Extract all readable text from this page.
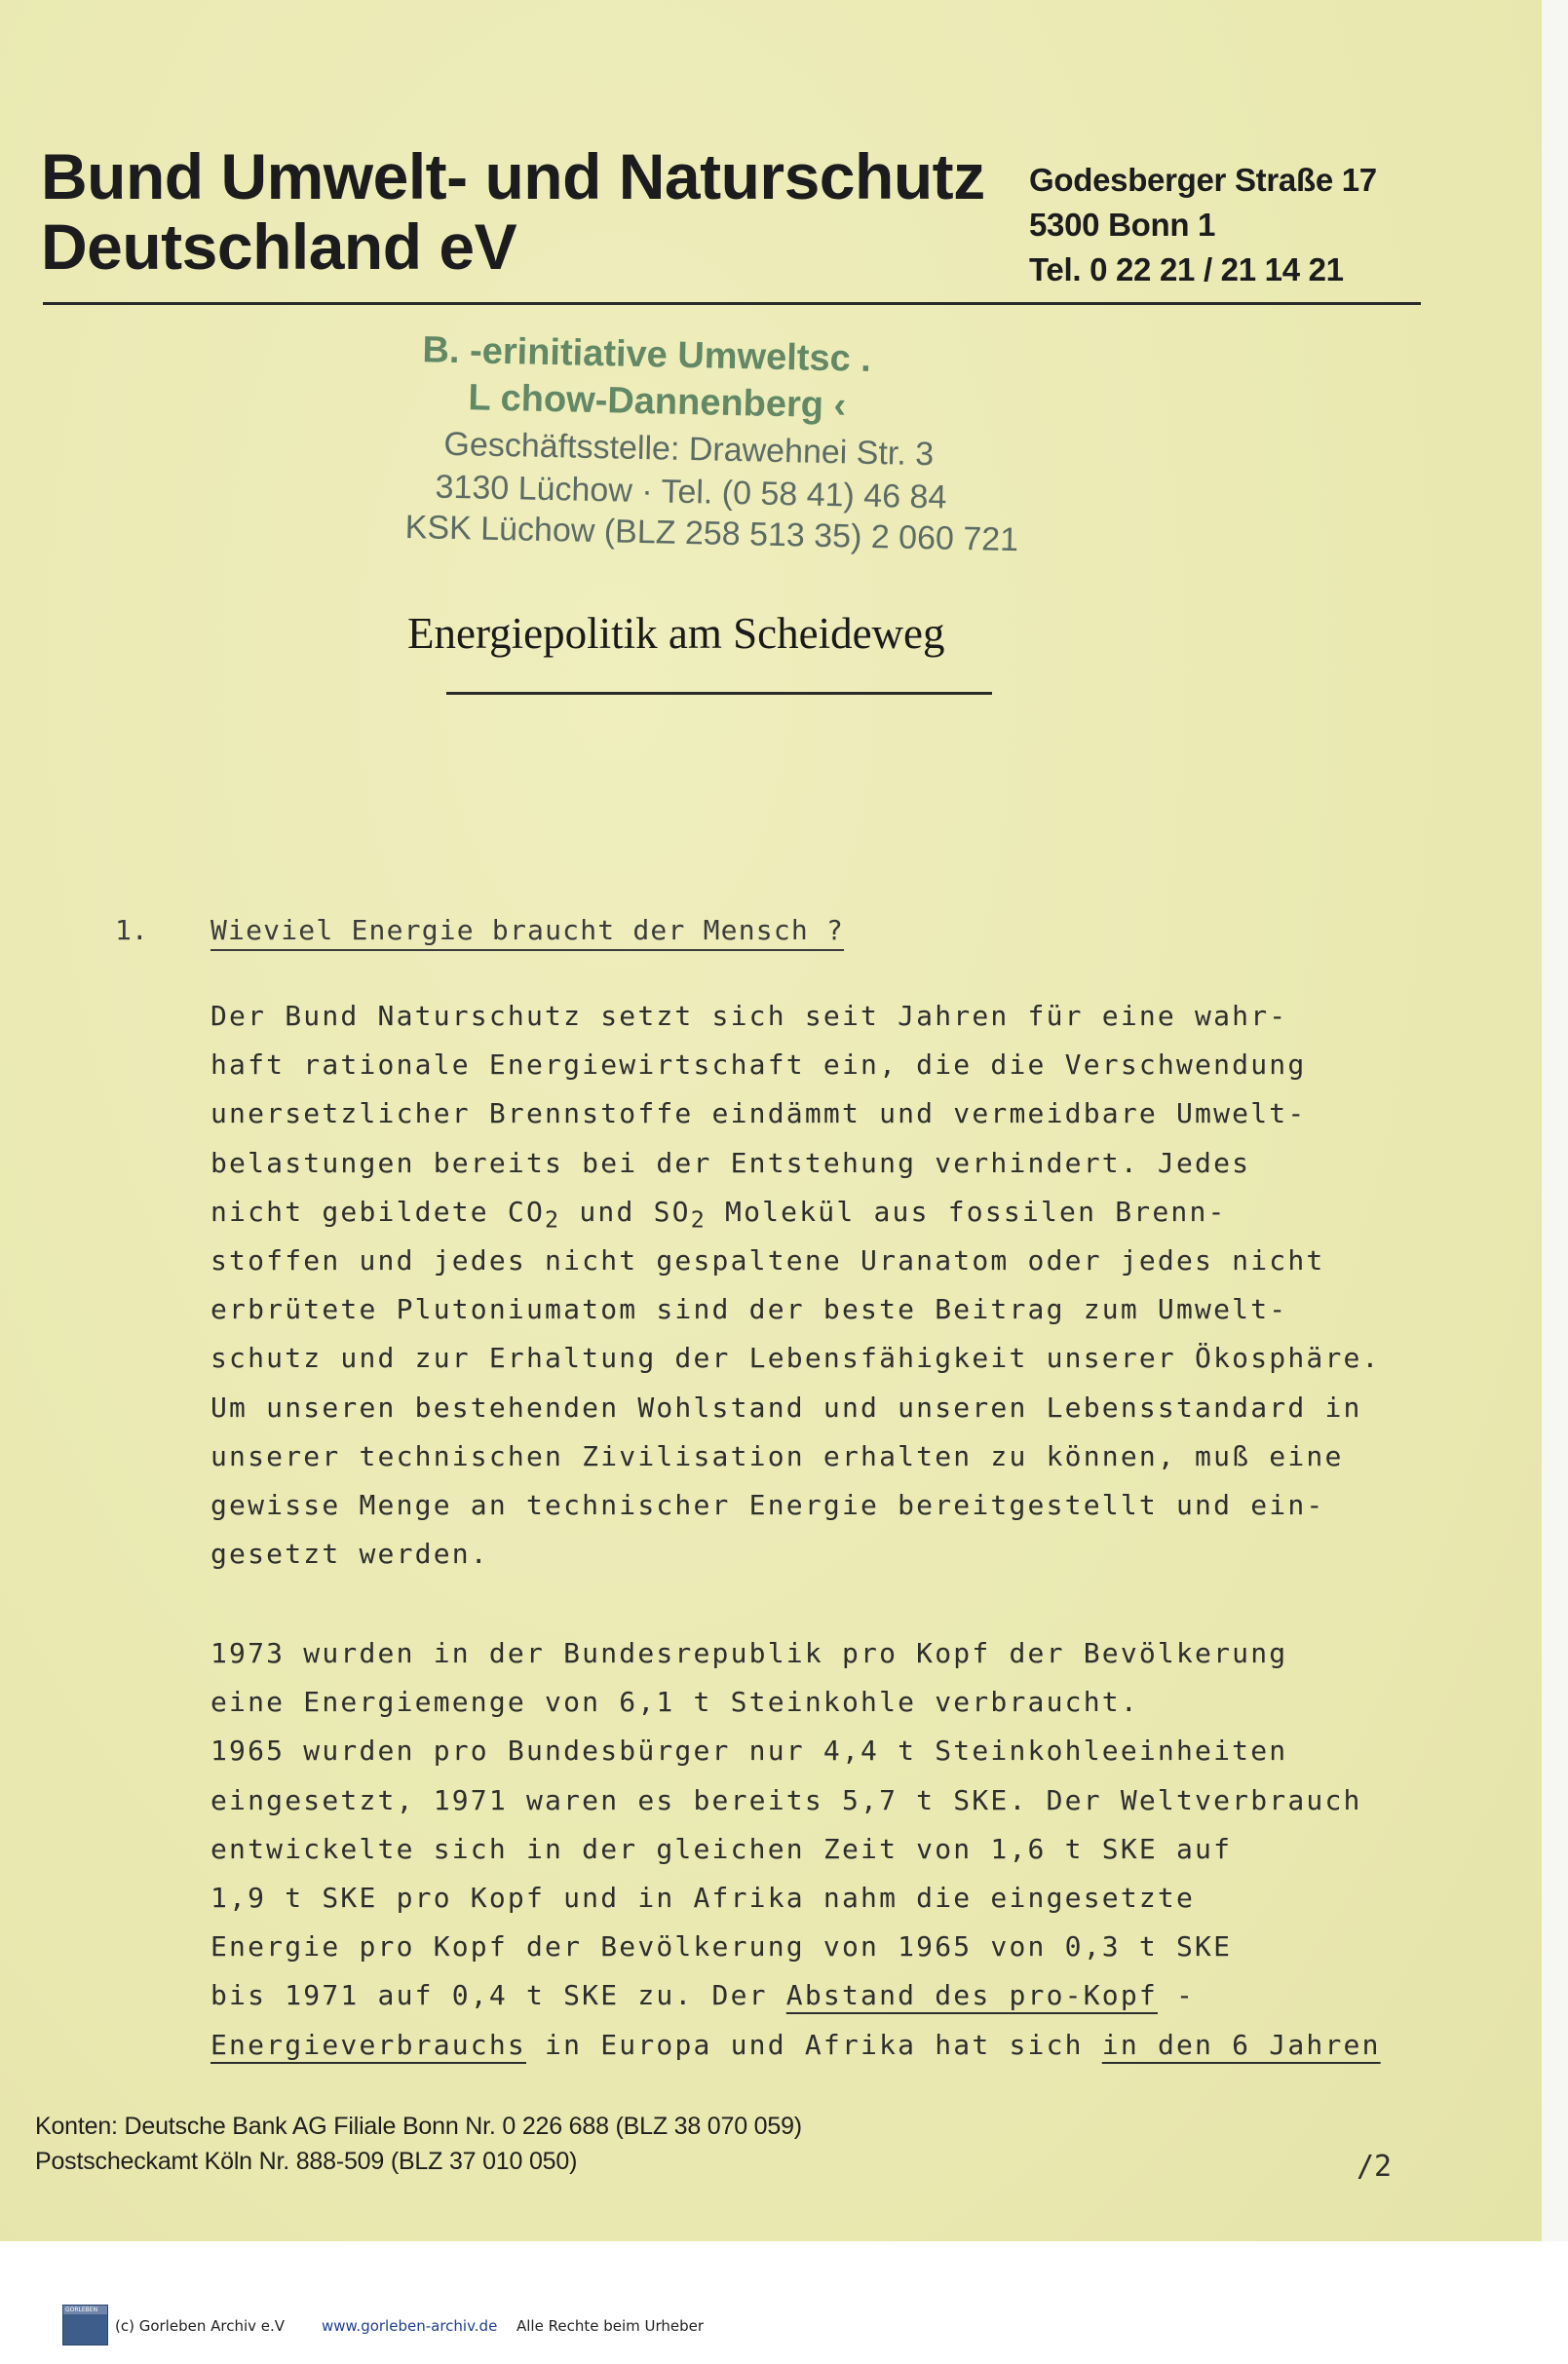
Bund Umwelt- und Naturschutz
Deutschland eV
Godesberger Straße 17
5300 Bonn 1
Tel. 0 22 21 / 21 14 21
B. ‑erinitiative Umweltsc .
L chow‑Dannenberg ‹
Geschäftsstelle: Drawehnei Str. 3
3130 Lüchow · Tel. (0 58 41) 46 84
KSK Lüchow (BLZ 258 513 35) 2 060 721
Energiepolitik am Scheideweg
1. Wieviel Energie braucht der Mensch ?
Der Bund Naturschutz setzt sich seit Jahren für eine wahr-
haft rationale Energiewirtschaft ein, die die Verschwendung
unersetzlicher Brennstoffe eindämmt und vermeidbare Umwelt-
belastungen bereits bei der Entstehung verhindert. Jedes
nicht gebildete $CO_2$ und $SO_2$ Molekül aus fossilen Brenn-
stoffen und jedes nicht gespaltene Uranatom oder jedes nicht
erbrütete Plutoniumatom sind der beste Beitrag zum Umwelt-
schutz und zur Erhaltung der Lebensfähigkeit unserer Ökosphäre.
Um unseren bestehenden Wohlstand und unseren Lebensstandard in
unserer technischen Zivilisation erhalten zu können, muß eine
gewisse Menge an technischer Energie bereitgestellt und ein-
gesetzt werden.
1973 wurden in der Bundesrepublik pro Kopf der Bevölkerung
eine Energiemenge von 6,1 t Steinkohle verbraucht.
1965 wurden pro Bundesbürger nur 4,4 t Steinkohleeinheiten
eingesetzt, 1971 waren es bereits 5,7 t SKE. Der Weltverbrauch
entwickelte sich in der gleichen Zeit von 1,6 t SKE auf
1,9 t SKE pro Kopf und in Afrika nahm die eingesetzte
Energie pro Kopf der Bevölkerung von 1965 von 0,3 t SKE
bis 1971 auf 0,4 t SKE zu. Der Abstand des pro-Kopf -
Energieverbrauchs in Europa und Afrika hat sich in den 6 Jahren
Konten: Deutsche Bank AG Filiale Bonn Nr. 0 226 688 (BLZ 38 070 059)
Postscheckamt Köln Nr. 888-509 (BLZ 37 010 050)	/2
GORLEBEN
(c) Gorleben Archiv e.V	www.gorleben-archiv.de Alle Rechte beim Urheber
